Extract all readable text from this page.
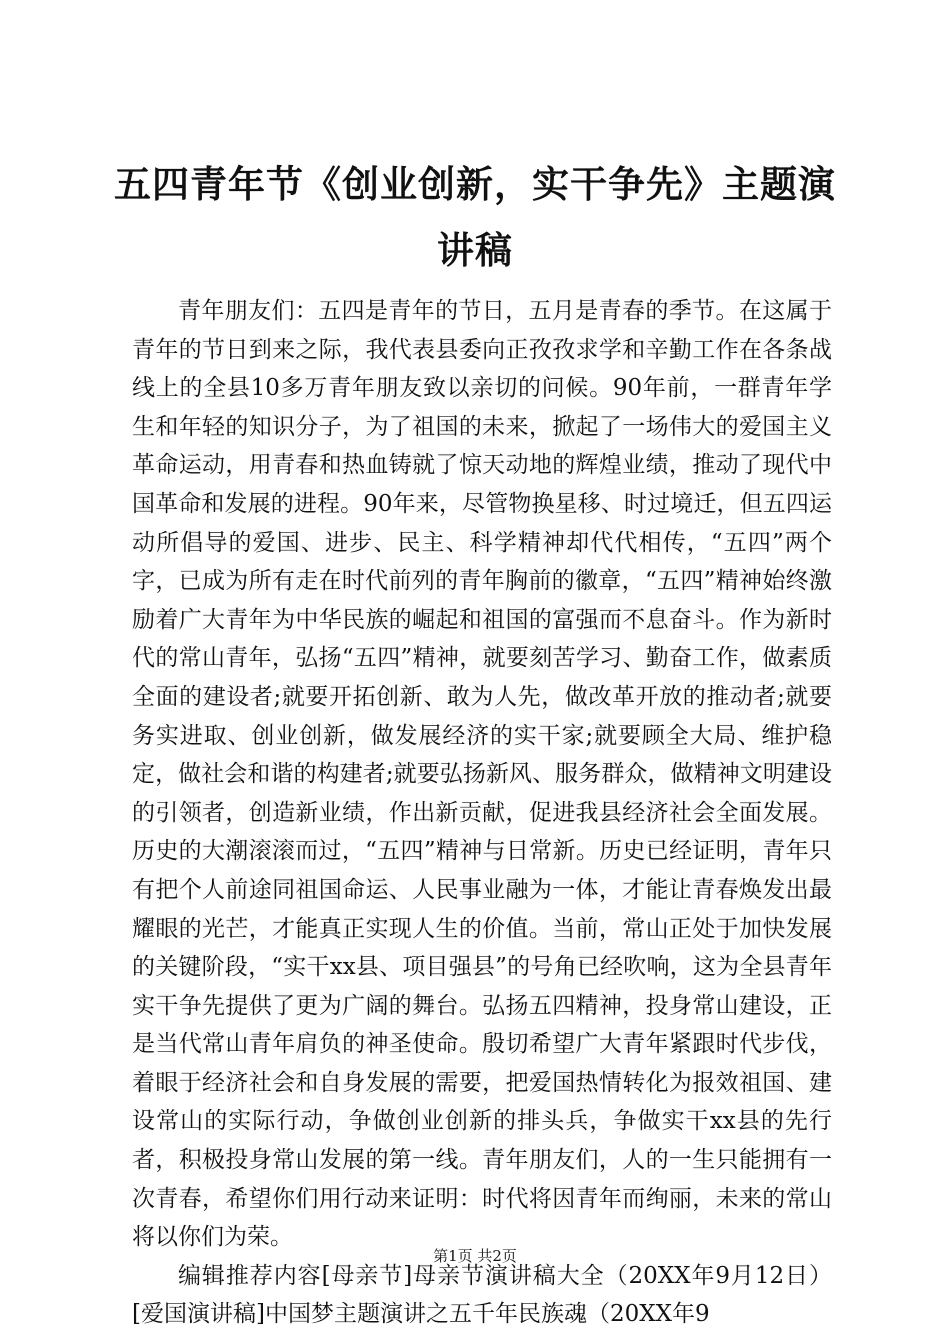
五四青年节《创业创新，实干争先》主题演讲稿

青年朋友们：五四是青年的节日，五月是青春的季节。在这属于青年的节日到来之际，我代表县委向正孜孜求学和辛勤工作在各条战线上的全县10多万青年朋友致以亲切的问候。90年前，一群青年学生和年轻的知识分子，为了祖国的未来，掀起了一场伟大的爱国主义革命运动，用青春和热血铸就了惊天动地的辉煌业绩，推动了现代中国革命和发展的进程。90年来，尽管物换星移、时过境迁，但五四运动所倡导的爱国、进步、民主、科学精神却代代相传，“五四”两个字，已成为所有走在时代前列的青年胸前的徽章，“五四”精神始终激励着广大青年为中华民族的崛起和祖国的富强而不息奋斗。作为新时代的常山青年，弘扬“五四”精神，就要刻苦学习、勤奋工作，做素质全面的建设者;就要开拓创新、敢为人先，做改革开放的推动者;就要务实进取、创业创新，做发展经济的实干家;就要顾全大局、维护稳定，做社会和谐的构建者;就要弘扬新风、服务群众，做精神文明建设的引领者，创造新业绩，作出新贡献，促进我县经济社会全面发展。历史的大潮滚滚而过，“五四”精神与日常新。历史已经证明，青年只有把个人前途同祖国命运、人民事业融为一体，才能让青春焕发出最耀眼的光芒，才能真正实现人生的价值。当前，常山正处于加快发展的关键阶段，“实干xx县、项目强县”的号角已经吹响，这为全县青年实干争先提供了更为广阔的舞台。弘扬五四精神，投身常山建设，正是当代常山青年肩负的神圣使命。殷切希望广大青年紧跟时代步伐，着眼于经济社会和自身发展的需要，把爱国热情转化为报效祖国、建设常山的实际行动，争做创业创新的排头兵，争做实干xx县的先行者，积极投身常山发展的第一线。青年朋友们，人的一生只能拥有一次青春，希望你们用行动来证明：时代将因青年而绚丽，未来的常山将以你们为荣。

编辑推荐内容[母亲节]母亲节演讲稿大全（20XX年9月12日）[爱国演讲稿]中国梦主题演讲之五千年民族魂（20XX年9

第1页 共2页
